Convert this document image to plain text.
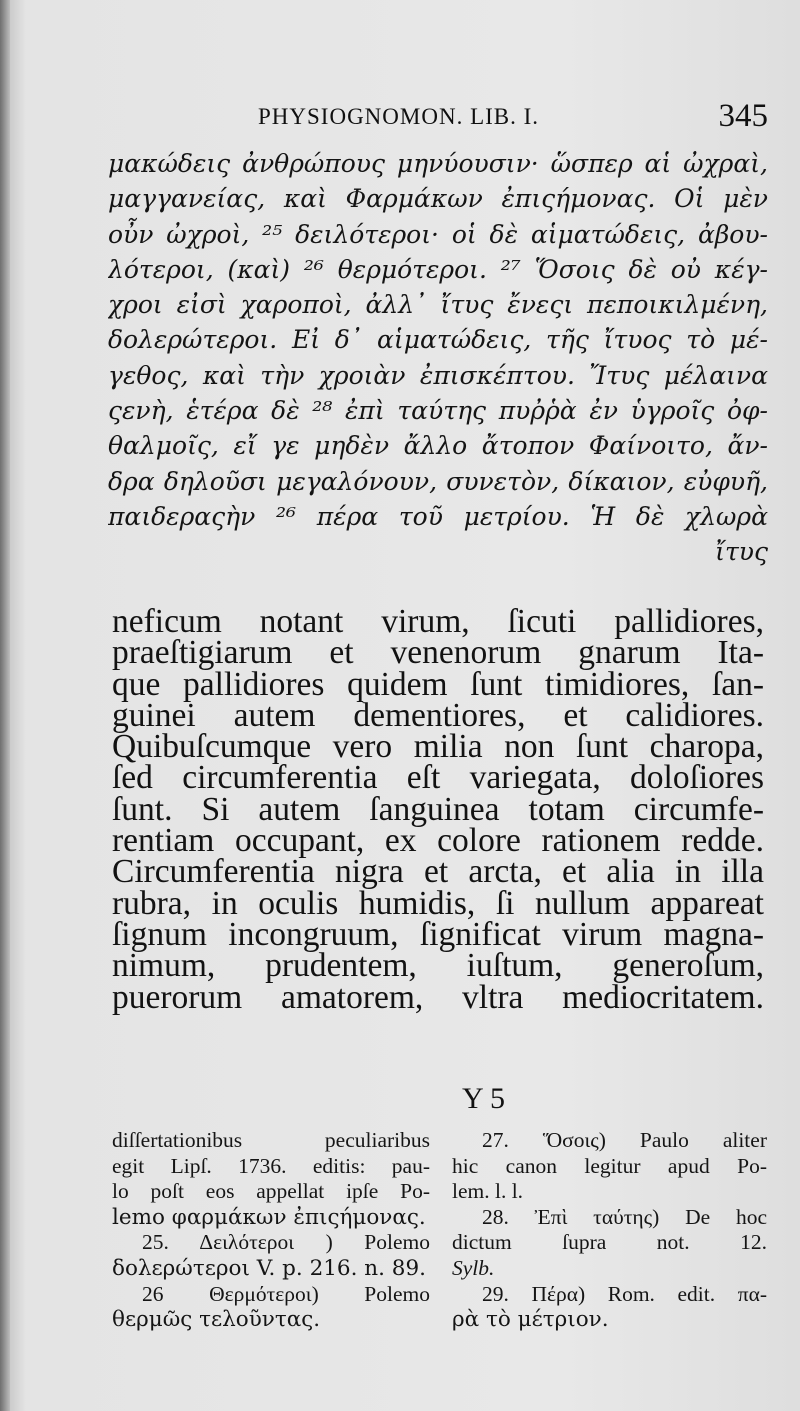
PHYSIOGNOMON. LIB. I.	345
μακώδεις ἀνθρώπους μηνύουσιν· ὥσπερ αἱ ὠχραὶ,
μαγγανείας, καὶ Φαρμάκων ἐπιςήμονας. Οἱ μὲν
οὖν ὠχροὶ, ²⁵ δειλότεροι· οἱ δὲ αἱματώδεις, ἀβου-
λότεροι, (καὶ) ²⁶ θερμότεροι. ²⁷ Ὅσοις δὲ οὐ κέγ-
χροι εἰσὶ χαροποὶ, ἀλλ᾽ ἴτυς ἔνεςι πεποικιλμένη,
δολερώτεροι. Εἰ δ᾽ αἱματώδεις, τῆς ἴτυος τὸ μέ-
γεθος, καὶ τὴν χροιὰν ἐπισκέπτου. Ἴτυς μέλαινα
ςενὴ, ἑτέρα δὲ ²⁸ ἐπὶ ταύτης πυῤῥὰ ἐν ὑγροῖς ὀφ-
θαλμοῖς, εἴ γε μηδὲν ἄλλο ἄτοπον Φαίνοιτο, ἄν-
δρα δηλοῦσι μεγαλόνουν, συνετὸν, δίκαιον, εὐφυῆ,
παιδεραςὴν ²⁶ πέρα τοῦ μετρίου. Ἡ δὲ χλωρὰ
ἴτυς
neficum notant virum, ſicuti pallidiores,
praeſtigiarum et venenorum gnarum Ita-
que pallidiores quidem ſunt timidiores, ſan-
guinei autem dementiores, et calidiores.
Quibuſcumque vero milia non ſunt charopa,
ſed circumferentia eſt variegata, doloſiores
ſunt. Si autem ſanguinea totam circumfe-
rentiam occupant, ex colore rationem redde.
Circumferentia nigra et arcta, et alia in illa
rubra, in oculis humidis, ſi nullum appareat
ſignum incongruum, ſignificat virum magna-
nimum, prudentem, iuſtum, generoſum,
puerorum amatorem, vltra mediocritatem.
Y 5
diſſertationibus peculiaribus
egit Lipſ. 1736. editis: pau-
lo poſt eos appellat ipſe Po-
lemo φαρμάκων ἐπιςήμονας.
25. Δειλότεροι ) Polemo
δολερώτεροι V. p. 216. n. 89.
26 Θερμότεροι) Polemo
θερμῶς τελοῦντας.
27. Ὅσοις) Paulo aliter
hic canon legitur apud Po-
lem. l. l.
28. Ἐπὶ ταύτης) De hoc
dictum ſupra not. 12.
Sylb.
29. Πέρα) Rom. edit. πα-
ρὰ τὸ μέτριον.
